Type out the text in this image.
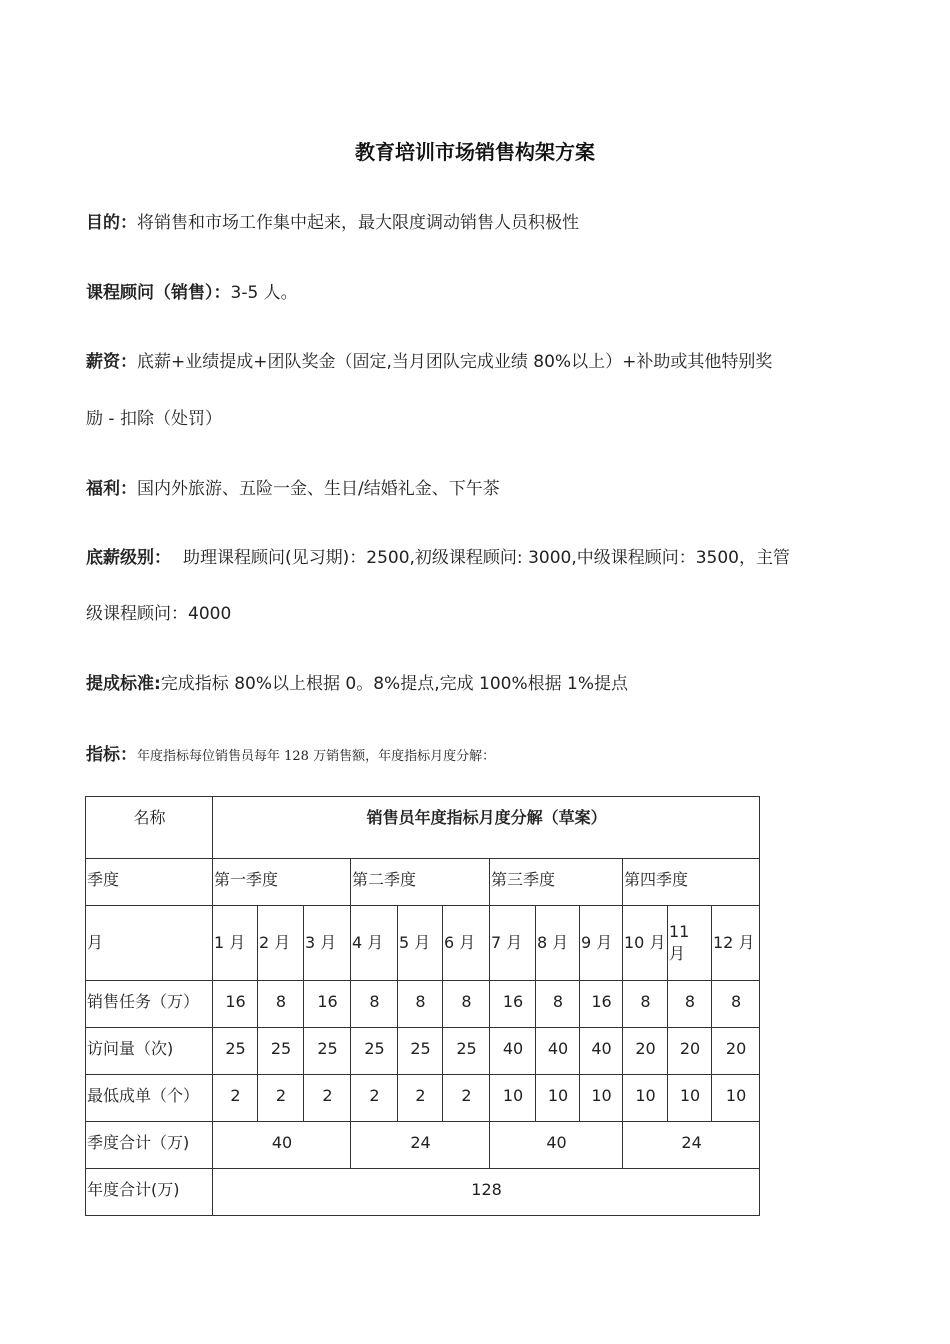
教育培训市场销售构架方案
目的：将销售和市场工作集中起来，最大限度调动销售人员积极性
课程顾问（销售）：3-5 人。
薪资：底薪+业绩提成+团队奖金（固定,当月团队完成业绩 80%以上）+补助或其他特别奖
励 - 扣除（处罚）
福利：国内外旅游、五险一金、生日/结婚礼金、下午茶
底薪级别： 助理课程顾问(见习期)：2500,初级课程顾问: 3000,中级课程顾问：3500，主管
级课程顾问：4000
提成标准:完成指标 80%以上根据 0。8%提点,完成 100%根据 1%提点
指标：年度指标每位销售员每年 128 万销售额，年度指标月度分解：
名称	销售员年度指标月度分解（草案）											
季度	第一季度			第二季度			第三季度			第四季度		
月	1 月	2 月	3 月	4 月	5 月	6 月	7 月	8 月	9 月	10 月	11 月	12 月
销售任务（万）	16	8	16	8	8	8	16	8	16	8	8	8
访问量（次)	25	25	25	25	25	25	40	40	40	20	20	20
最低成单（个）	2	2	2	2	2	2	10	10	10	10	10	10
季度合计（万)	40			24			40			24		
年度合计(万)	128											
